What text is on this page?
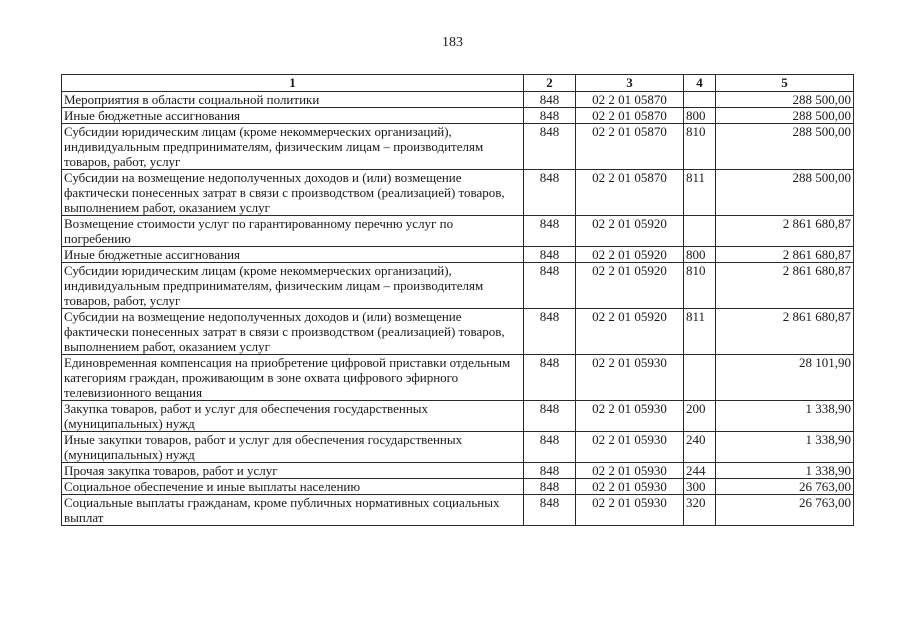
183
1	2	3	4	5
Мероприятия в области социальной политики	848	02 2 01 05870		288 500,00
Иные бюджетные ассигнования	848	02 2 01 05870	800	288 500,00
Субсидии юридическим лицам (кроме некоммерческих организаций), индивидуальным предпринимателям, физическим лицам – производителям товаров, работ, услуг	848	02 2 01 05870	810	288 500,00
Субсидии на возмещение недополученных доходов и (или) возмещение фактически понесенных затрат в связи с производством (реализацией) товаров, выполнением работ, оказанием услуг	848	02 2 01 05870	811	288 500,00
Возмещение стоимости услуг по гарантированному перечню услуг по погребению	848	02 2 01 05920		2 861 680,87
Иные бюджетные ассигнования	848	02 2 01 05920	800	2 861 680,87
Субсидии юридическим лицам (кроме некоммерческих организаций), индивидуальным предпринимателям, физическим лицам – производителям товаров, работ, услуг	848	02 2 01 05920	810	2 861 680,87
Субсидии на возмещение недополученных доходов и (или) возмещение фактически понесенных затрат в связи с производством (реализацией) товаров, выполнением работ, оказанием услуг	848	02 2 01 05920	811	2 861 680,87
Единовременная компенсация на приобретение цифровой приставки отдельным категориям граждан, проживающим в зоне охвата цифрового эфирного телевизионного вещания	848	02 2 01 05930		28 101,90
Закупка товаров, работ и услуг для обеспечения государственных (муниципальных) нужд	848	02 2 01 05930	200	1 338,90
Иные закупки товаров, работ и услуг для обеспечения государственных (муниципальных) нужд	848	02 2 01 05930	240	1 338,90
Прочая закупка товаров, работ и услуг	848	02 2 01 05930	244	1 338,90
Социальное обеспечение и иные выплаты населению	848	02 2 01 05930	300	26 763,00
Социальные выплаты гражданам, кроме публичных нормативных социальных выплат	848	02 2 01 05930	320	26 763,00
